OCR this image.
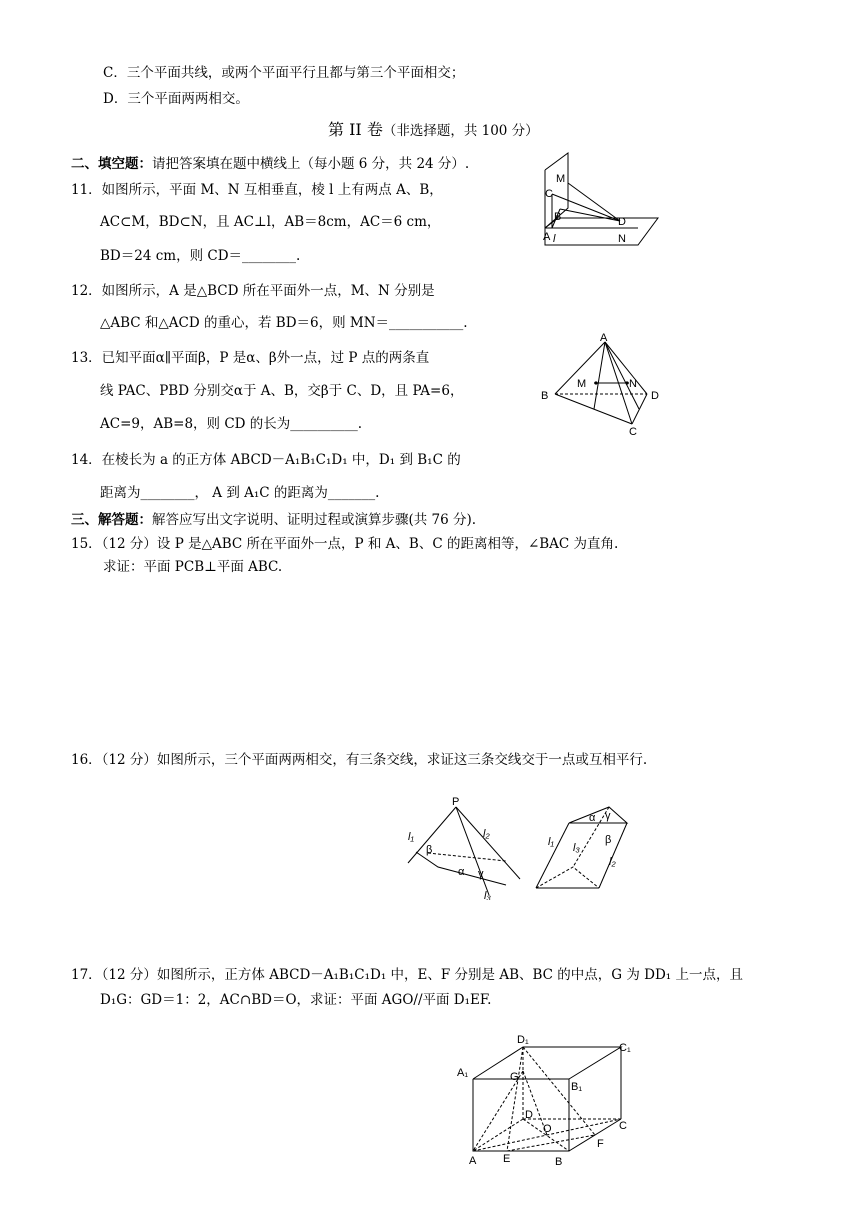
C．三个平面共线，或两个平面平行且都与第三个平面相交；
D．三个平面两两相交。
第 II 卷（非选择题，共 100 分）
二、填空题：请把答案填在题中横线上（每小题 6 分，共 24 分）.
11．如图所示，平面 M、N 互相垂直，棱 l 上有两点 A、B，
AC⊂M，BD⊂N，且 AC⊥l，AB＝8cm，AC＝6 cm，
BD＝24 cm，则 CD＝________.
12．如图所示，A 是△BCD 所在平面外一点，M、N 分别是
△ABC 和△ACD 的重心，若 BD＝6，则 MN＝___________.
13．已知平面α∥平面β，P 是α、β外一点，过 P 点的两条直
线 PAC、PBD 分别交α于 A、B，交β于 C、D，且 PA=6，
AC=9，AB=8，则 CD 的长为__________.
14．在棱长为 a 的正方体 ABCD－A₁B₁C₁D₁ 中，D₁ 到 B₁C 的
距离为________， A 到 A₁C 的距离为_______.
三、解答题：解答应写出文字说明、证明过程或演算步骤(共 76 分).
15．（12 分）设 P 是△ABC 所在平面外一点，P 和 A、B、C 的距离相等，∠BAC 为直角.
求证：平面 PCB⊥平面 ABC.
16．（12 分）如图所示，三个平面两两相交，有三条交线，求证这三条交线交于一点或互相平行.
17．（12 分）如图所示，正方体 ABCD－A₁B₁C₁D₁ 中，E、F 分别是 AB、BC 的中点，G 为 DD₁ 上一点，且
D₁G：GD＝1：2，AC∩BD＝O，求证：平面 AGO//平面 D₁EF.
M
C
B
A l
D
N
A
M	N
B	D
C
P
l₁	l₂
β
α γ
l₃
α γ
β
l₁ l₃
l₂
D₁
C₁
A₁	G
B₁
D
O	C
A E	B
F
